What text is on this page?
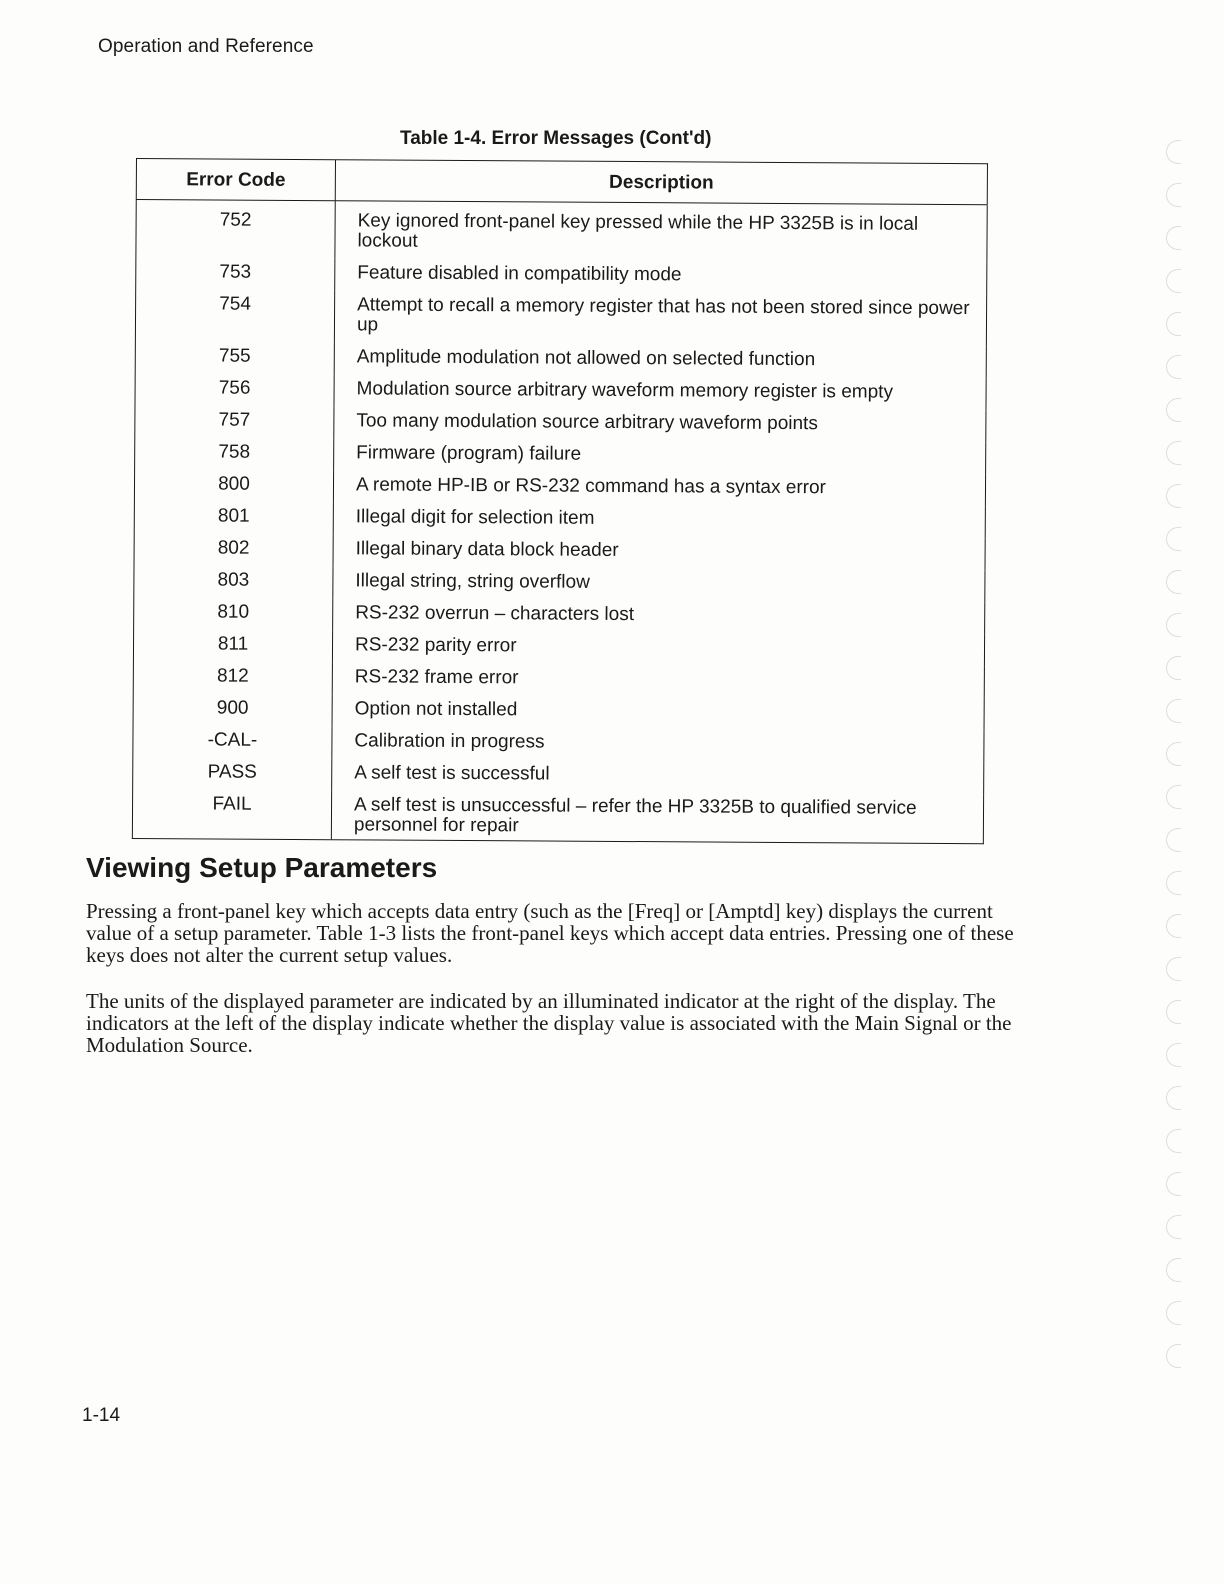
Operation and Reference
Table 1-4. Error Messages (Cont'd)
Error Code	Description
752	Key ignored front-panel key pressed while the HP 3325B is in local lockout
753	Feature disabled in compatibility mode
754	Attempt to recall a memory register that has not been stored since power up
755	Amplitude modulation not allowed on selected function
756	Modulation source arbitrary waveform memory register is empty
757	Too many modulation source arbitrary waveform points
758	Firmware (program) failure
800	A remote HP-IB or RS-232 command has a syntax error
801	Illegal digit for selection item
802	Illegal binary data block header
803	Illegal string, string overflow
810	RS-232 overrun – characters lost
811	RS-232 parity error
812	RS-232 frame error
900	Option not installed
-CAL-	Calibration in progress
PASS	A self test is successful
FAIL	A self test is unsuccessful – refer the HP 3325B to qualified service personnel for repair
Viewing Setup Parameters

Pressing a front-panel key which accepts data entry (such as the [Freq] or [Amptd] key) displays the current value of a setup parameter. Table 1-3 lists the front-panel keys which accept data entries. Pressing one of these keys does not alter the current setup values.

The units of the displayed parameter are indicated by an illuminated indicator at the right of the display. The indicators at the left of the display indicate whether the display value is associated with the Main Signal or the Modulation Source.

1-14
